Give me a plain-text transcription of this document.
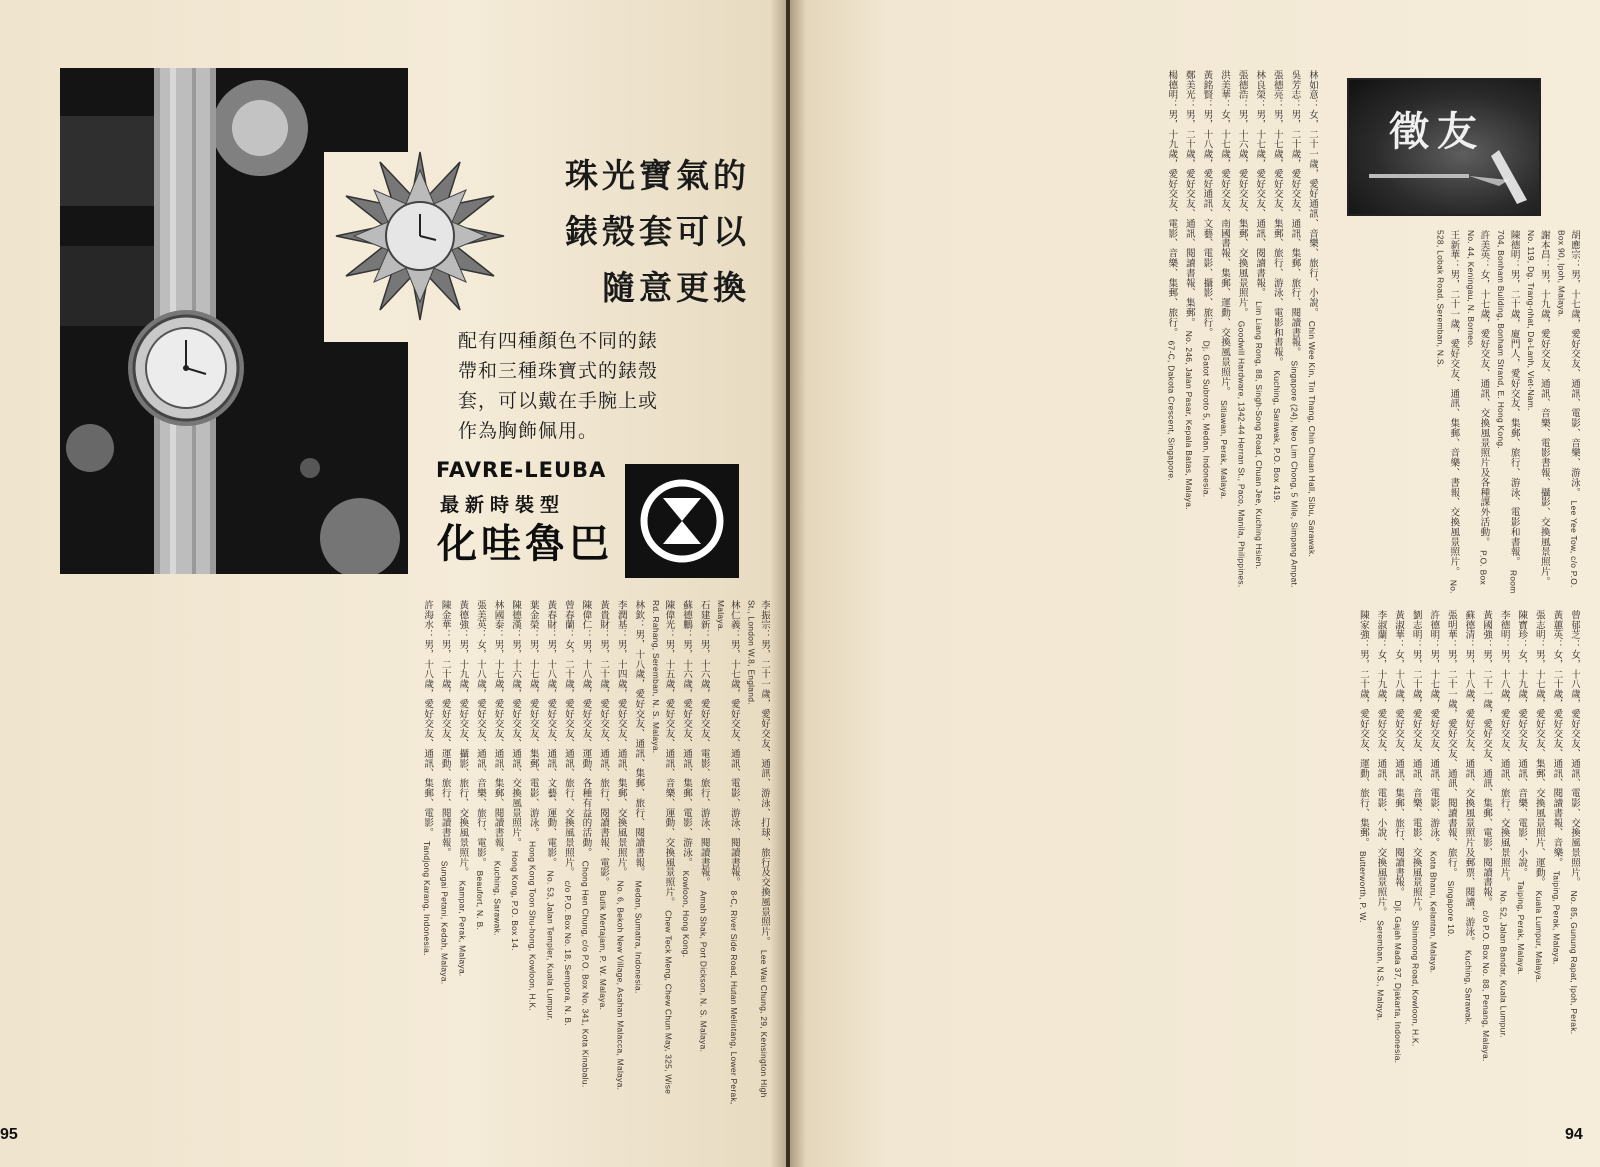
珠光寶氣的
錶殼套可以
隨意更換
配有四種顏色不同的錶
帶和三種珠寶式的錶殼
套，可以戴在手腕上或
作為胸飾佩用。
FAVRE-LEUBA
最新時裝型
化哇魯巴
李振宗：男，二十一歲，愛好交友、通訊、游泳、打球、旅行及交換風景照片。 Lee Wai Chung, 29, Kensington High St., London W.8, England.
林仁義：男，十七歲，愛好交友、通訊、電影、游泳、閱讀書報。 8-C, River Side Road, Hutan Melintang, Lower Perak, Malaya.
石建新：男，十六歲，愛好交友、電影、旅行、游泳、閱讀書報。 Amah Shak, Port Dickson, N. S. Malaya.
蘇德鵬：男，十六歲，愛好交友、通訊、集郵、電影、游泳。 Kowloon, Hong Kong.
陳偉光：男，十五歲，愛好交友、通訊、音樂、運動、交換風景照片。 Chew Teck Meng, Chew Chun May, 325, Wise Rd. Rahang, Seremban, N. S. Malaya.
林欽：男，十八歲，愛好交友、通訊、集郵、旅行、閱讀書報。 Medan, Sumatra, Indonesia.
李潤基：男，十四歲，愛好交友、通訊、集郵、交換風景照片。 No. 6, Bekoh New Village, Asahan Malacca, Malaya.
黃貴財：男，二十歲，愛好交友、通訊、旅行、閱讀書報、電影。 Butik Mertajam, P. W. Malaya.
陳偉仁：男，十八歲，愛好交友、運動、各種有益的活動。 Chong Hen Chung, c/o P.O. Box No. 341, Kota Kinabalu.
曾春蘭：女，二十歲，愛好交友、通訊、旅行、交換風景照片。 c/o P.O. Box No. 18, Sempora, N. B.
黃春財：男，十八歲，愛好交友、通訊、文藝、運動、電影。 No. 53, Jalan Templer, Kuala Lumpur.
葉金榮：男，十七歲，愛好交友、集郵、電影、游泳。 Hong Kong Toon Shu-hong, Kowloon, H.K.
陳德漢：男，十六歲，愛好交友、通訊、交換風景照片。 Hong Kong, P.O. Box 14.
林國泰：男，十七歲，愛好交友、通訊、集郵、閱讀書報。 Kuching, Sarawak.
張美英：女，十八歲，愛好交友、通訊、音樂、旅行、電影。 Beaufort, N. B.
黃德強：男，十九歲，愛好交友、攝影、旅行、交換風景照片。 Kampar, Perak, Malaya.
陳金華：男，二十歲，愛好交友、運動、旅行、閱讀書報。 Sungai Petani, Kedah, Malaya.
許海水：男，十八歲，愛好交友、通訊、集郵、電影。 Tandjong Karang, Indonesia.
95
林如意：女，二十一歲，愛好通訊、音樂、旅行、小說。 Chin Wee Kin, Tin Thang, Chin Chuan Hall, Sibu, Sarawak.
吳芳志：男，二十歲，愛好交友、通訊、集郵、旅行、閱讀書報。 Singapore (24), Neo Lim Chong, 5 Mile, Simpang Ampat.
張德亮：男，十七歲，愛好交友、集郵、旅行、游泳、電影和書報。 Kuching, Sarawak, P.O. Box 419.
林良榮：男，十七歲，愛好交友、通訊、閱讀書報。 Lim Liang Rong, 88, Singh-Song Road, Chuan Jee, Kuching Hsien.
張德浩：男，十六歲，愛好交友、集郵、交換風景照片。 Goodwill Hardware, 1342-44 Herran St., Paco, Manila, Philippines.
洪美華：女，十七歲，愛好交友、南國書報、集郵、運動、交換風景照片。 Sitiawan, Perak, Malaya.
黃銘賢：男，十八歲，愛好通訊、文藝、電影、攝影、旅行。 Dj. Gatot Subroto 5, Medan, Indonesia.
鄭美光：男，二十歲，愛好交友、通訊、閱讀書報、集郵。 No. 246, Jalan Pasar, Kepala Batas, Malaya.
楊德明：男，十九歲，愛好交友、電影、音樂、集郵、旅行。 67-C, Dakota Crescent, Singapore.	胡應宗：男，十七歲，愛好交友、通訊、電影、音樂、游泳。 Lee Yee Tow, c/o P.O. Box 90, Ipoh, Malaya.
謝本昌：男，十九歲，愛好交友、通訊、音樂、電影書報、攝影、交換風景照片。 No. 119, Dg. Trang-nhat, Da-Lanh, Viet-Nam.
陳德明：男，二十歲，廈門人，愛好交友、集郵、旅行、游泳、電影和書報。 Room 704, Bonham Building, Bonham Strand, E. Hong Kong.
許美英：女，十七歲，愛好交友、通訊、交換風景照片及各種課外活動。 P.O. Box No. 44, Keningau, N. Borneo.
王新華：男，二十一歲，愛好交友、通訊、集郵、音樂、書報、交換風景照片。 No. 528, Lobak Road, Seremban, N.S.
曾郁芝：女，十八歲，愛好交友、通訊、電影、交換風景照片。 No. 85, Gunung Rapat, Ipoh, Perak.
黃蕙英：女，二十歲，愛好交友、通訊、閱讀書報、音樂。 Taiping, Perak, Malaya.
張志明：男，十七歲，愛好交友、集郵、交換風景照片、運動。 Kuala Lumpur, Malaya.
陳寶珍：女，十九歲，愛好交友、通訊、音樂、電影、小說。 Taiping, Perak, Malaya.
李德明：男，十八歲，愛好交友、通訊、旅行、交換風景照片。 No. 52, Jalan Bandar, Kuala Lumpur.
黃國強：男，二十一歲，愛好交友、通訊、集郵、電影、閱讀書報。 c/o P.O. Box No. 88, Penang, Malaya.
蘇德清：男，十八歲，愛好交友、通訊、交換風景照片及郵票、閱讀、游泳。 Kuching, Sarawak.
張明華：男，二十一歲，愛好交友、通訊、閱讀書報、旅行。 Singapore 10.
許德明：男，十七歲，愛好交友、通訊、電影、游泳。 Kota Bharu, Kelantan, Malaya.
劉志明：男，二十歲，愛好交友、通訊、音樂、電影、交換風景照片。 Shinmong Road, Kowloon, H.K.
黃淑華：女，十八歲，愛好交友、通訊、集郵、旅行、閱讀書報。 Djl. Gajah Mada 37, Djakarta, Indonesia.
李淑蘭：女，十九歲，愛好交友、通訊、電影、小說、交換風景照片。 Seremban, N.S., Malaya.
陳家強：男，二十歲，愛好交友、運動、旅行、集郵。 Butterworth, P. W.
徵友
94
